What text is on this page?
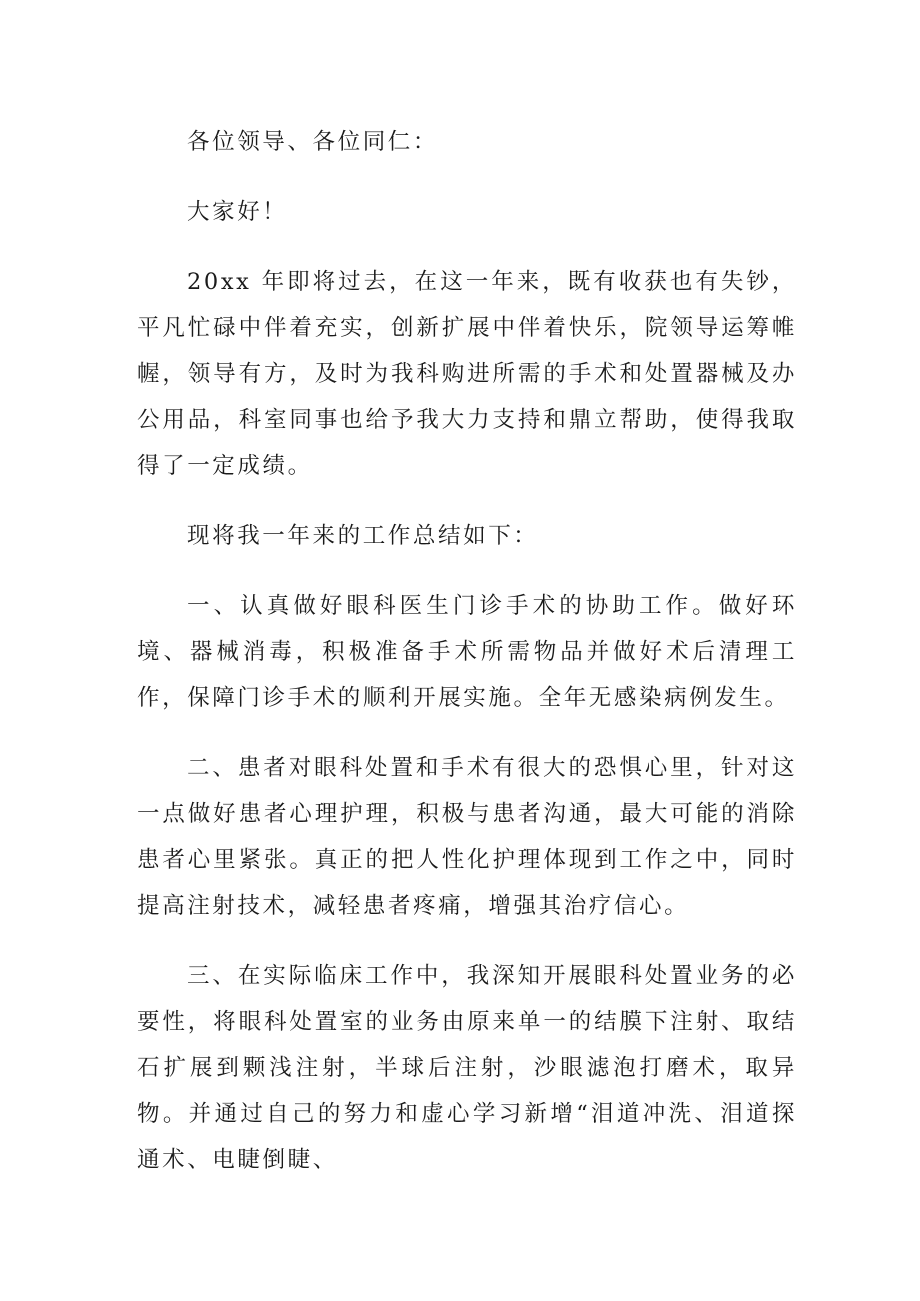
各位领导、各位同仁：

大家好！

20xx 年即将过去，在这一年来，既有收获也有失钞，平凡忙碌中伴着充实，创新扩展中伴着快乐，院领导运筹帷幄，领导有方，及时为我科购进所需的手术和处置器械及办公用品，科室同事也给予我大力支持和鼎立帮助，使得我取得了一定成绩。

现将我一年来的工作总结如下：

一、认真做好眼科医生门诊手术的协助工作。做好环境、器械消毒，积极准备手术所需物品并做好术后清理工作，保障门诊手术的顺利开展实施。全年无感染病例发生。

二、患者对眼科处置和手术有很大的恐惧心里，针对这一点做好患者心理护理，积极与患者沟通，最大可能的消除患者心里紧张。真正的把人性化护理体现到工作之中，同时提高注射技术，减轻患者疼痛，增强其治疗信心。

三、在实际临床工作中，我深知开展眼科处置业务的必要性，将眼科处置室的业务由原来单一的结膜下注射、取结石扩展到颗浅注射，半球后注射，沙眼滤泡打磨术，取异物。并通过自己的努力和虚心学习新增“泪道冲洗、泪道探通术、电睫倒睫、
